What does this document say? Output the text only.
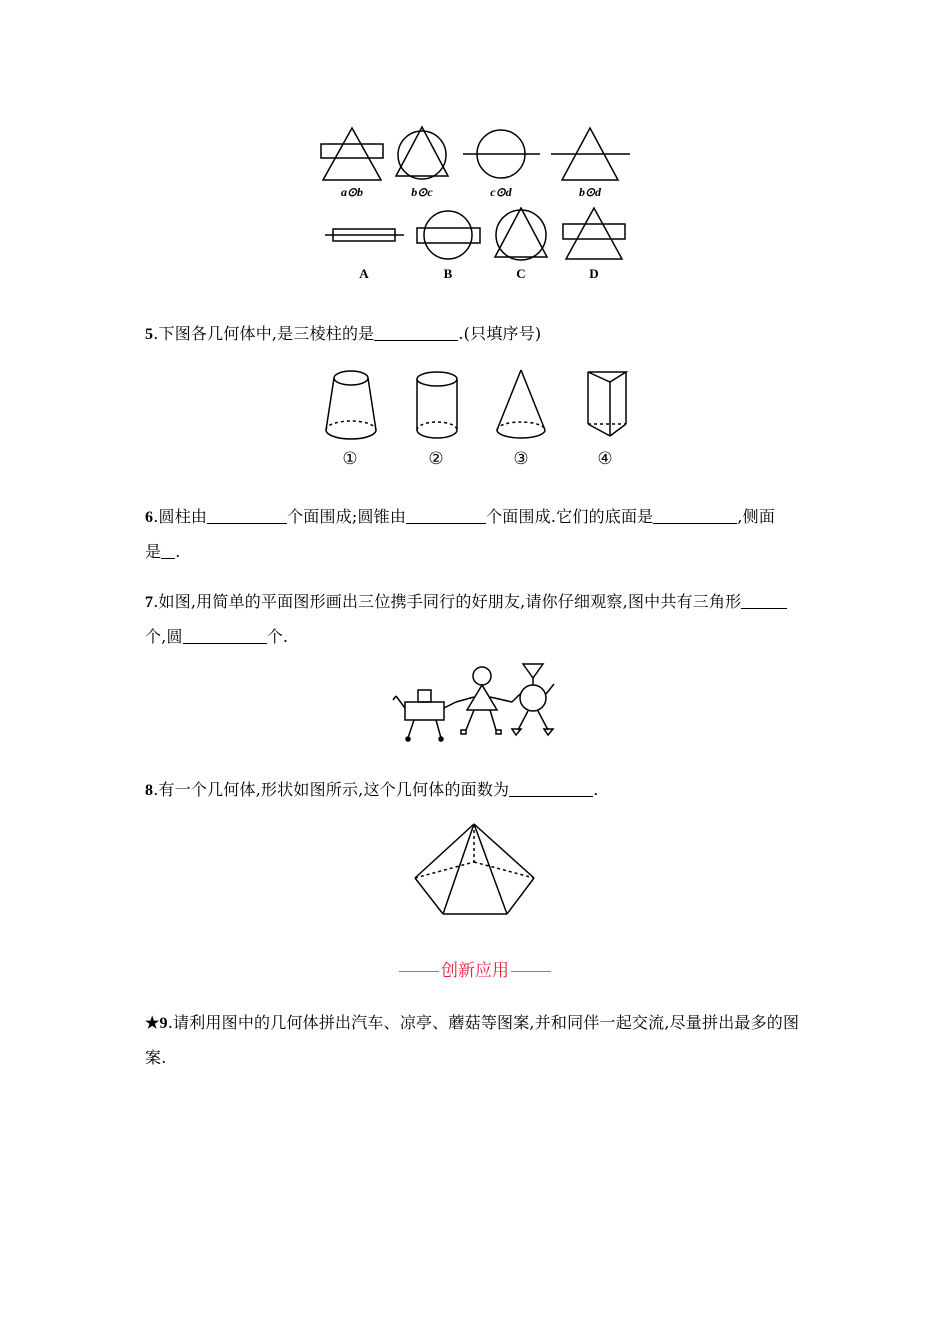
a⊙b	b⊙c	c⊙d	b⊙d
A	B	C	D
5.下图各几何体中,是三棱柱的是	.(只填序号)
①	②	③	④
6.圆柱由	个面围成;圆锥由	个面围成.它们的底面是	,侧面
是 .
7.如图,用简单的平面图形画出三位携手同行的好朋友,请你仔细观察,图中共有三角形
个,圆	个.
8.有一个几何体,形状如图所示,这个几何体的面数为	.
创新应用
★9.请利用图中的几何体拼出汽车、凉亭、蘑菇等图案,并和同伴一起交流,尽量拼出最多的图案.
